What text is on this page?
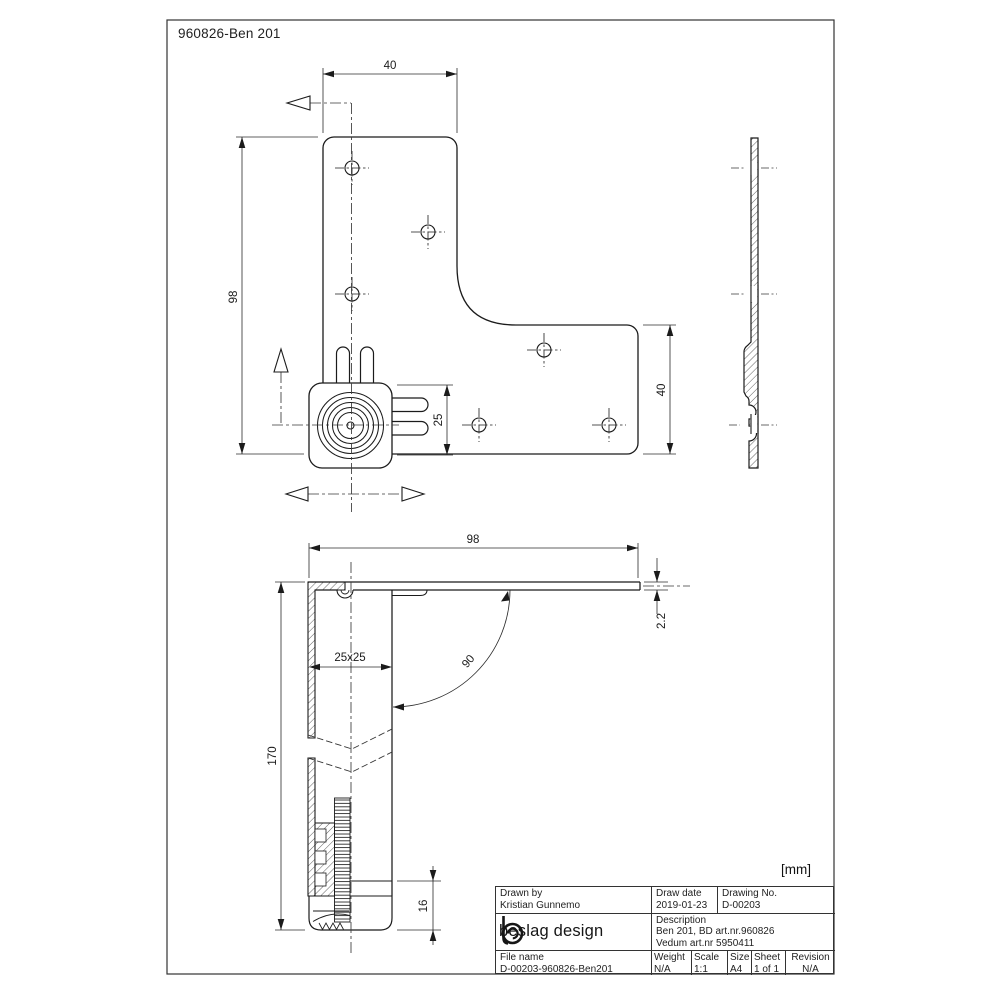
40
98
40
25
98
2.2
25x25	90
170
16
960826-Ben 201
[mm]
Drawn by
Kristian Gunnemo
Draw date
2019-01-23
Drawing No.
D-00203
beslag design
Description
Ben 201, BD art.nr.960826
Vedum art.nr 5950411
File name
D-00203-960826-Ben201
Weight
N/A
Scale
1:1
Size
A4
Sheet
1 of 1
Revision
N/A
